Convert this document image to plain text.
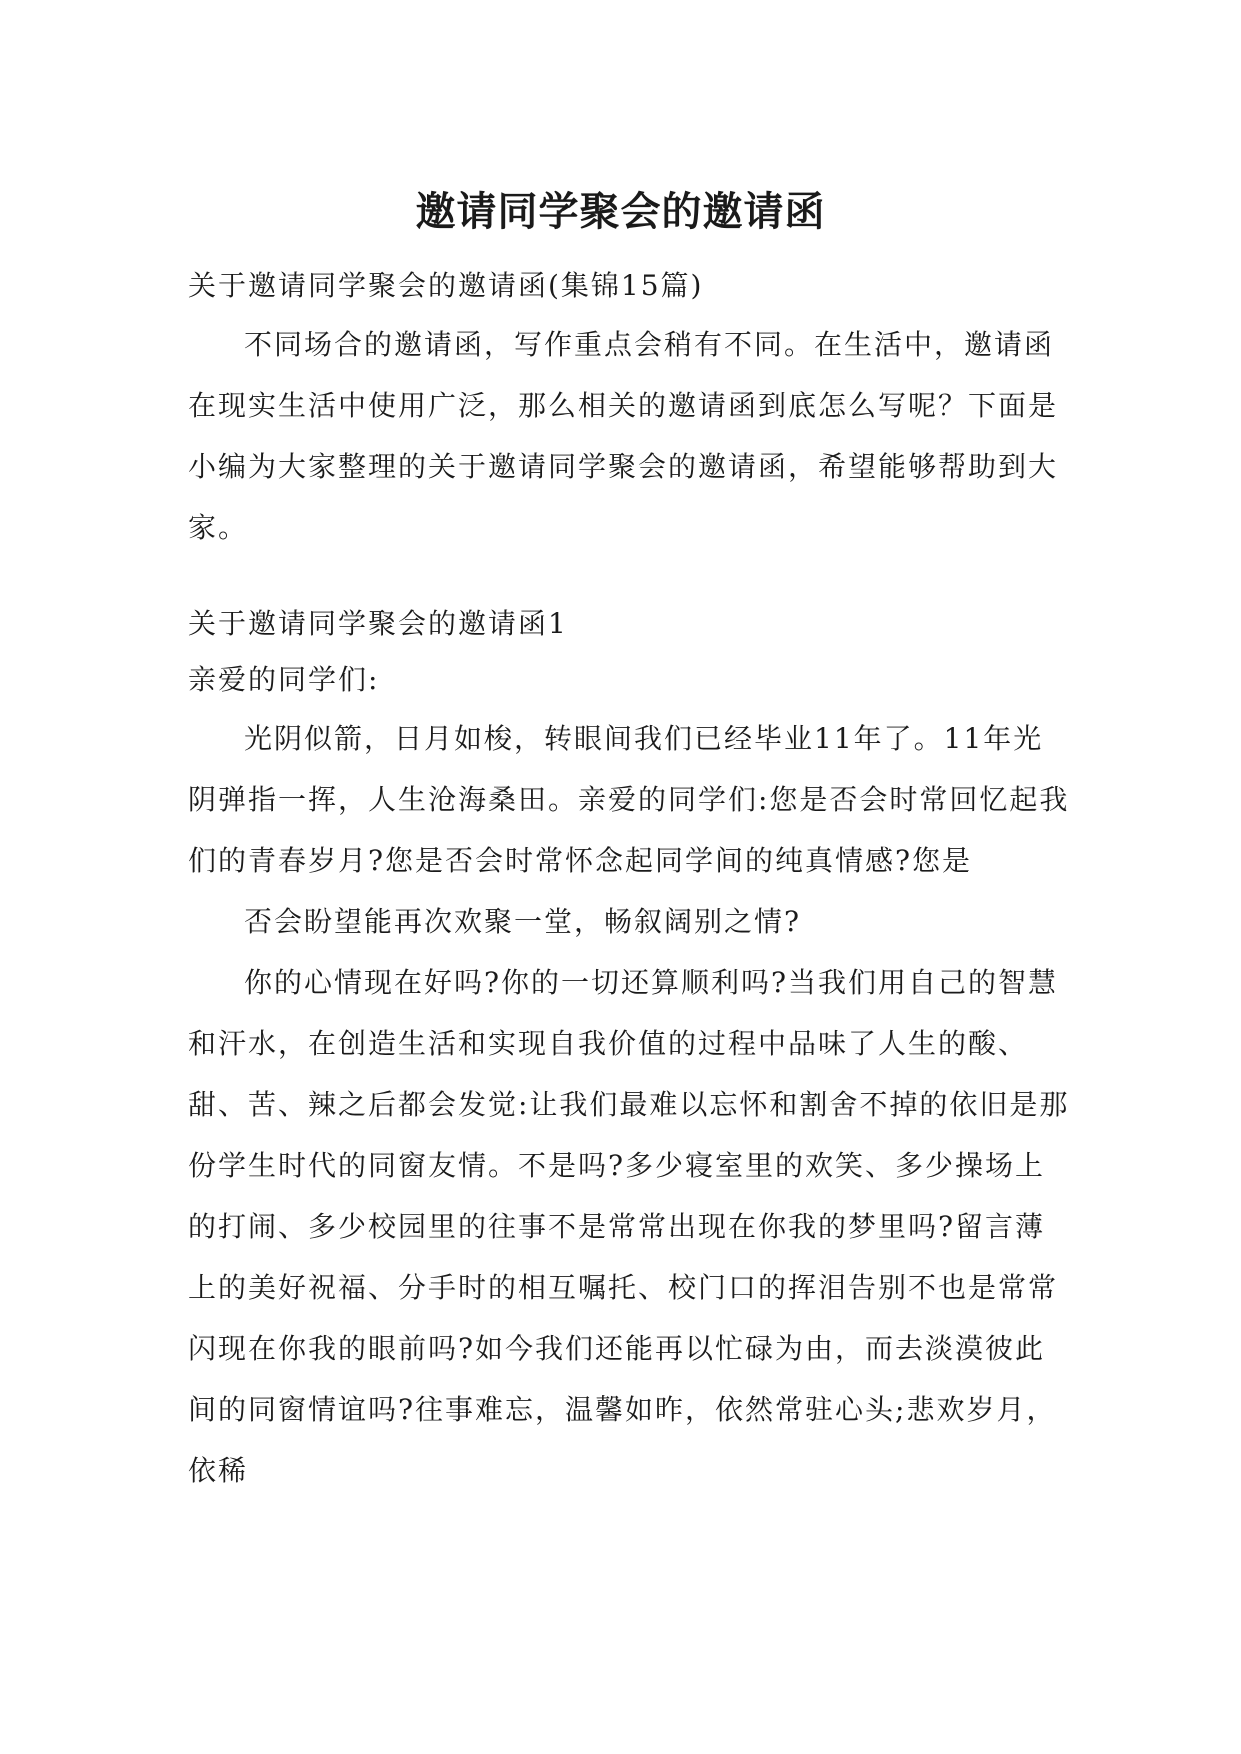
邀请同学聚会的邀请函

关于邀请同学聚会的邀请函(集锦15篇)

不同场合的邀请函，写作重点会稍有不同。在生活中，邀请函在现实生活中使用广泛，那么相关的邀请函到底怎么写呢？下面是小编为大家整理的关于邀请同学聚会的邀请函，希望能够帮助到大家。

关于邀请同学聚会的邀请函1

亲爱的同学们:

光阴似箭，日月如梭，转眼间我们已经毕业11年了。11年光阴弹指一挥，人生沧海桑田。亲爱的同学们:您是否会时常回忆起我们的青春岁月?您是否会时常怀念起同学间的纯真情感?您是

否会盼望能再次欢聚一堂，畅叙阔别之情?

你的心情现在好吗?你的一切还算顺利吗?当我们用自己的智慧和汗水，在创造生活和实现自我价值的过程中品味了人生的酸、甜、苦、辣之后都会发觉:让我们最难以忘怀和割舍不掉的依旧是那份学生时代的同窗友情。不是吗?多少寝室里的欢笑、多少操场上的打闹、多少校园里的往事不是常常出现在你我的梦里吗?留言薄上的美好祝福、分手时的相互嘱托、校门口的挥泪告别不也是常常闪现在你我的眼前吗?如今我们还能再以忙碌为由，而去淡漠彼此间的同窗情谊吗?往事难忘，温馨如昨，依然常驻心头;悲欢岁月，依稀
